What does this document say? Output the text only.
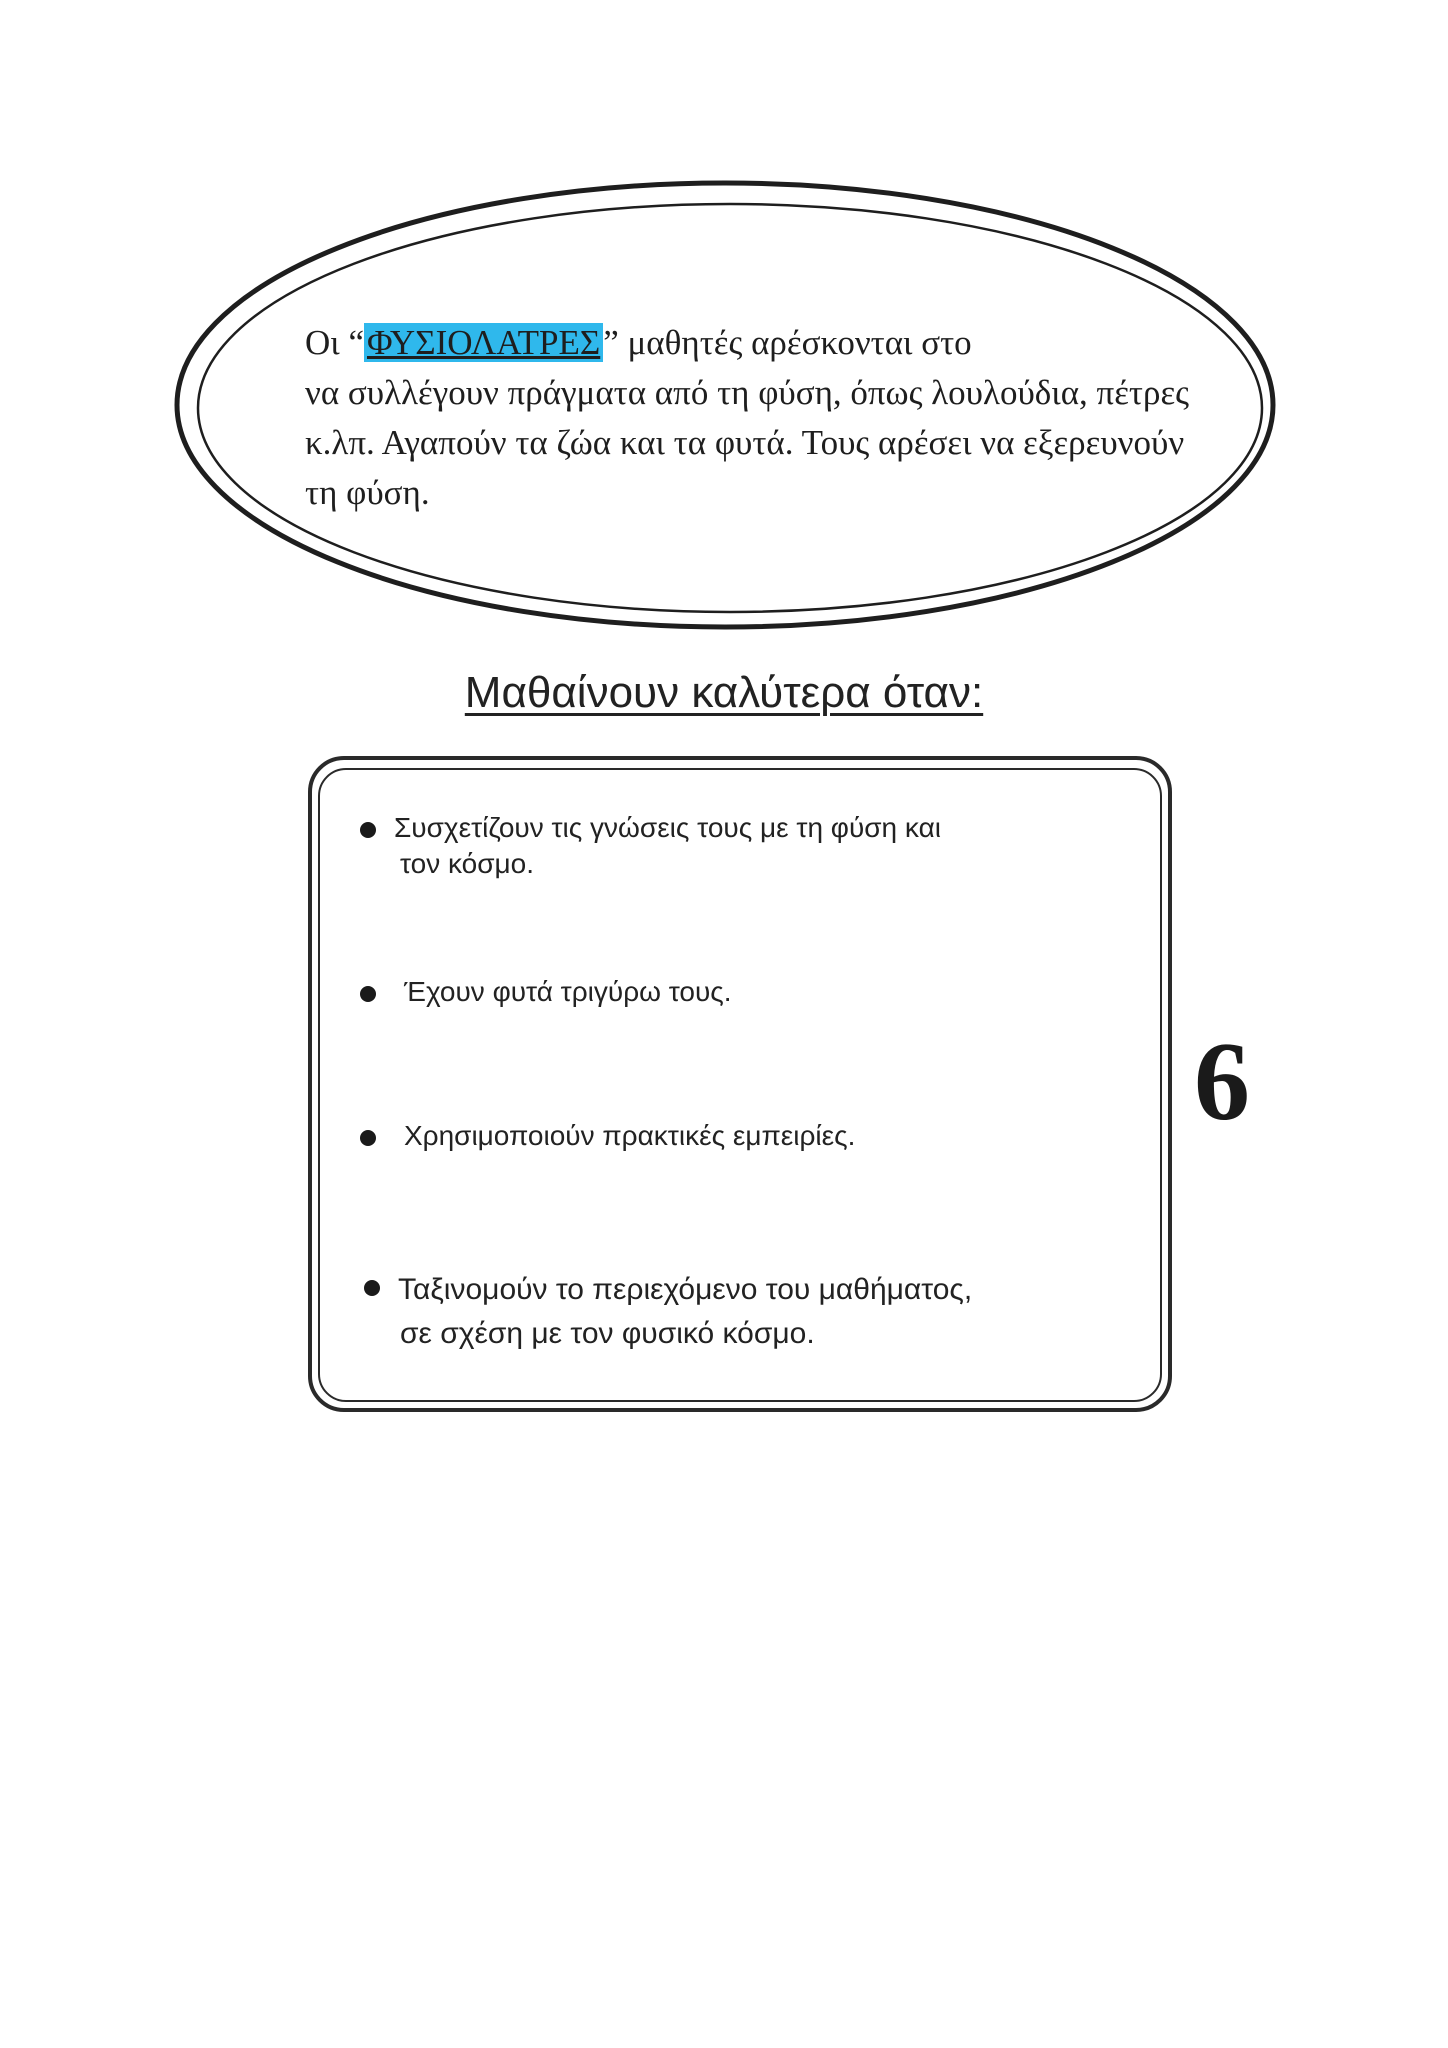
Οι “ΦΥΣΙΟΛΑΤΡΕΣ” μαθητές αρέσκονται στο
να συλλέγουν πράγματα από τη φύση, όπως λουλούδια, πέτρες
κ.λπ. Αγαπούν τα ζώα και τα φυτά. Τους αρέσει να εξερευνούν
τη φύση.
Μαθαίνουν καλύτερα όταν:
Συσχετίζουν τις γνώσεις τους με τη φύση και
τον κόσμο.
Έχουν φυτά τριγύρω τους.
Χρησιμοποιούν πρακτικές εμπειρίες.
Ταξινομούν το περιεχόμενο του μαθήματος,
σε σχέση με τον φυσικό κόσμο.
6
